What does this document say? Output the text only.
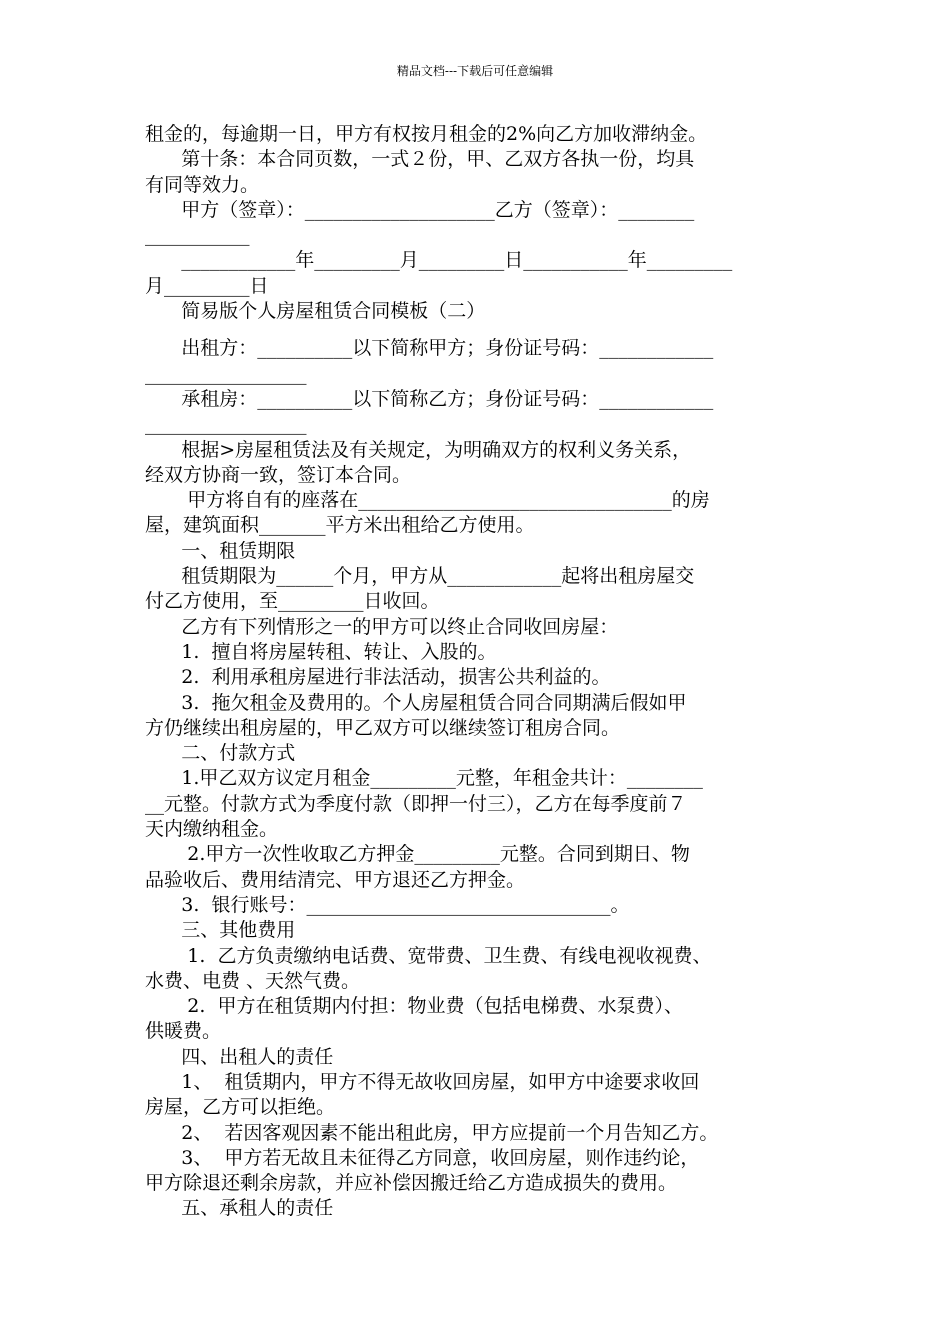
精品文档---下载后可任意编辑
租金的，每逾期一日，甲方有权按月租金的2%向乙方加收滞纳金。
第十条：本合同页数，一式２份，甲、乙双方各执一份，均具
有同等效力。
甲方（签章）：____________________乙方（签章）：________
___________
____________年_________月_________日___________年_________
月_________日
简易版个人房屋租赁合同模板（二）
出租方：__________以下简称甲方；身份证号码：____________
_________________
承租房：__________以下简称乙方；身份证号码：____________
_________________
根据>房屋租赁法及有关规定，为明确双方的权利义务关系，
经双方协商一致，签订本合同。
甲方将自有的座落在_________________________________的房
屋，建筑面积_______平方米出租给乙方使用。
一、租赁期限
租赁期限为______个月，甲方从____________起将出租房屋交
付乙方使用，至_________日收回。
乙方有下列情形之一的甲方可以终止合同收回房屋：
1.  擅自将房屋转租、转让、入股的。
2.  利用承租房屋进行非法活动，损害公共利益的。
3.  拖欠租金及费用的。个人房屋租赁合同合同期满后假如甲
方仍继续出租房屋的，甲乙双方可以继续签订租房合同。
二、付款方式
1.甲乙双方议定月租金_________元整，年租金共计：________
__元整。付款方式为季度付款（即押一付三），乙方在每季度前７
天内缴纳租金。
2.甲方一次性收取乙方押金_________元整。合同到期日、物
品验收后、费用结清完、甲方退还乙方押金。
3.  银行账号：________________________________。
三、其他费用
1.  乙方负责缴纳电话费、宽带费、卫生费、有线电视收视费、
水费、电费 、天然气费。
2.  甲方在租赁期内付担：物业费（包括电梯费、水泵费）、
供暖费。
四、出租人的责任
1、  租赁期内，甲方不得无故收回房屋，如甲方中途要求收回
房屋，乙方可以拒绝。
2、  若因客观因素不能出租此房，甲方应提前一个月告知乙方。
3、  甲方若无故且未征得乙方同意，收回房屋，则作违约论，
甲方除退还剩余房款，并应补偿因搬迁给乙方造成损失的费用。
五、承租人的责任
